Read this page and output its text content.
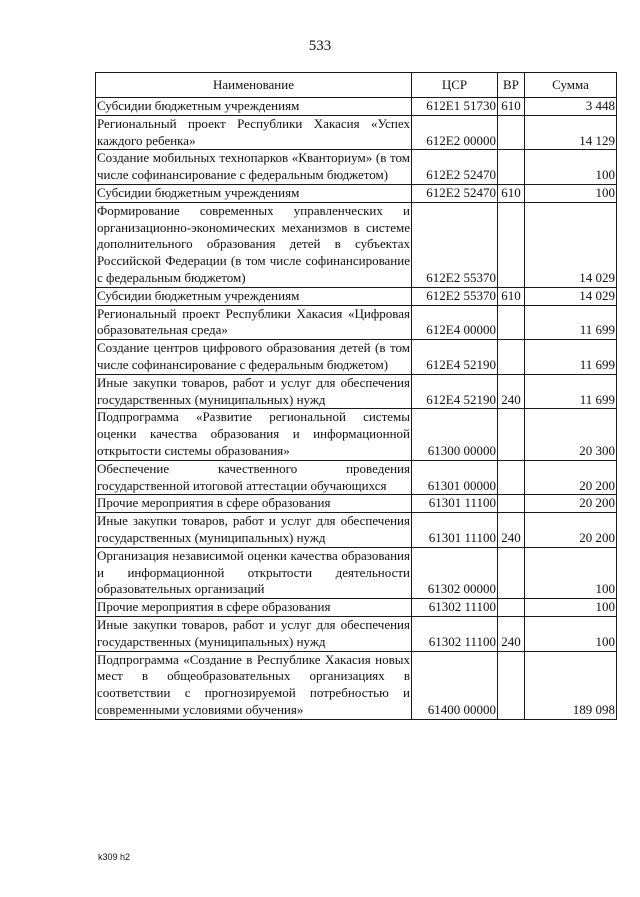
533
Наименование	ЦСР	ВР	Сумма
Субсидии бюджетным учреждениям	612E1 51730	610	3 448
Региональный проект Республики Хакасия «Успех каждого ребенка»	612E2 00000		14 129
Создание мобильных технопарков «Кванториум» (в том числе софинансирование с федеральным бюджетом)	612E2 52470		100
Субсидии бюджетным учреждениям	612E2 52470	610	100
Формирование современных управленческих и организационно-экономических механизмов в системе дополнительного образования детей в субъектах Российской Федерации (в том числе софинансирование с федеральным бюджетом)	612E2 55370		14 029
Субсидии бюджетным учреждениям	612E2 55370	610	14 029
Региональный проект Республики Хакасия «Цифровая образовательная среда»	612E4 00000		11 699
Создание центров цифрового образования детей (в том числе софинансирование с федеральным бюджетом)	612E4 52190		11 699
Иные закупки товаров, работ и услуг для обеспечения государственных (муниципальных) нужд	612E4 52190	240	11 699
Подпрограмма «Развитие региональной системы оценки качества образования и информационной открытости системы образования»	61300 00000		20 300
Обеспечение качественного проведения государственной итоговой аттестации обучающихся	61301 00000		20 200
Прочие мероприятия в сфере образования	61301 11100		20 200
Иные закупки товаров, работ и услуг для обеспечения государственных (муниципальных) нужд	61301 11100	240	20 200
Организация независимой оценки качества образования и информационной открытости деятельности образовательных организаций	61302 00000		100
Прочие мероприятия в сфере образования	61302 11100		100
Иные закупки товаров, работ и услуг для обеспечения государственных (муниципальных) нужд	61302 11100	240	100
Подпрограмма «Создание в Республике Хакасия новых мест в общеобразовательных организациях в соответствии с прогнозируемой потребностью и современными условиями обучения»	61400 00000		189 098
k309 h2
